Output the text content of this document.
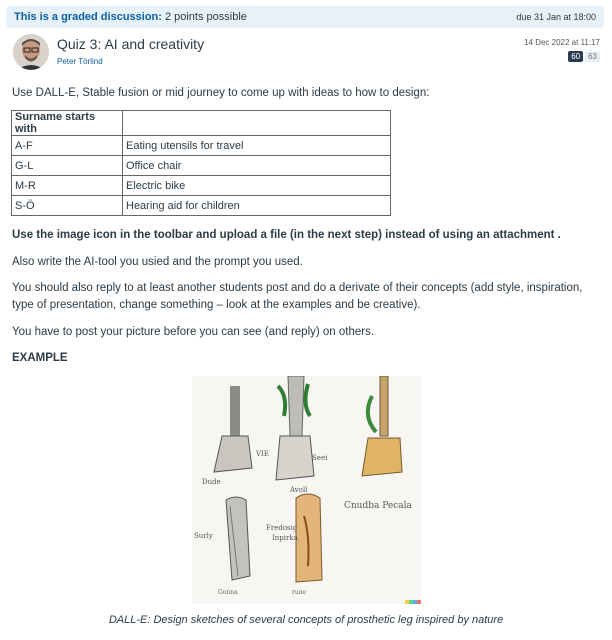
This is a graded discussion: 2 points possible	due 31 Jan at 18:00
Quiz 3: AI and creativity
Peter Törlind
14 Dec 2022 at 11:17
60	63

Use DALL-E, Stable fusion or mid journey to come up with ideas to how to design:

Surname starts with	
A-F	Eating utensils for travel
G-L	Office chair
M-R	Electric bike
S-Ö	Hearing aid for children

Use the image icon in the toolbar and upload a file (in the next step) instead of using an attachment .

Also write the AI-tool you usied and the prompt you used.

You should also reply to at least another students post and do a derivate of their concepts (add style, inspiration,

type of presentation, change something – look at the examples and be creative).

You have to post your picture before you can see (and reply) on others.

EXAMPLE

VIE	Seei
Dude
Avoll
Cnudba Pecala
Surly
Fredosig
Inpirka
Gonna	rune
DALL-E: Design sketches of several concepts of prosthetic leg inspired by nature
